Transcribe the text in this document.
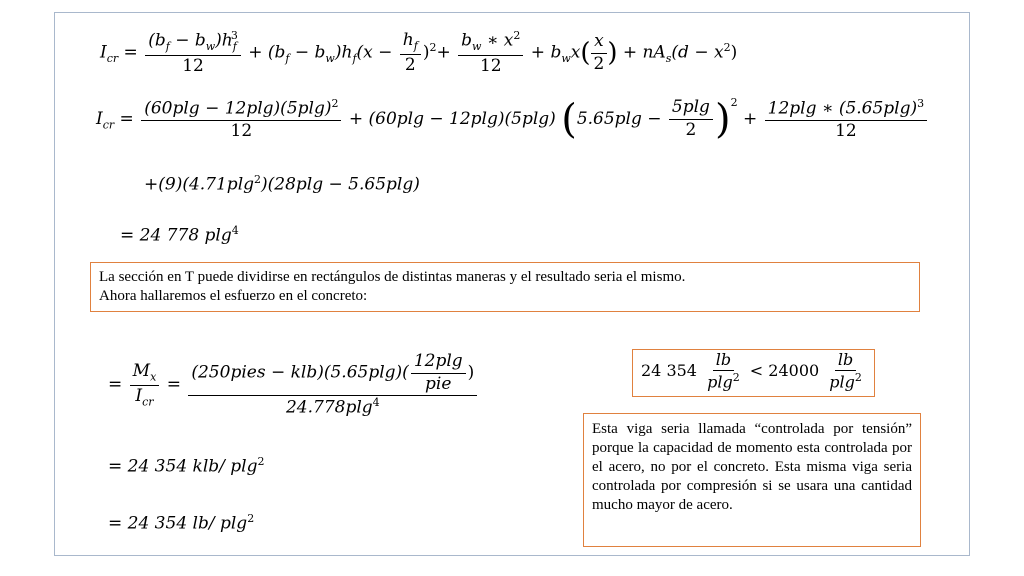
$I_{cr} = \frac{(b_f - b_w)h_f^3}{12} + (b_f - b_w)h_f(x - \frac{h_f}{2} )^2+ \frac{b_w ∗ x^2}{12} + b_wx( \frac{x}{2}$ ) + $nA_s(d - x^2)$
$I_{cr} = \frac{(60plg - 12plg)(5plg)^2}{12} + (60plg - 12plg)(5plg) (5.65plg - \frac{5plg}{2} )^2 + \frac{12plg ∗ (5.65plg)^3}{12}$
+(9)(4.71plg$^2$)(28plg − 5.65plg)
= 24 778 plg$^4$
La sección en T puede dividirse en rectángulos de distintas maneras y el resultado seria el mismo.
Ahora hallaremos el esfuerzo en el concreto:
= $\frac{M_x}{I_{cr}}$ =
(250pies − $klb)(5.65plg)( \frac{12plg}{\text{pie}}$ )
24.778plg$^4$
= 24 354 klb/ plg$^2$
= 24 354 lb/ plg$^2$
24 $354 \frac{lb}{plg^2} < 24000 \frac{lb}{plg^2}$
Esta viga seria llamada “controlada por tensión” porque la capacidad de momento esta controlada por el acero, no por el concreto. Esta misma viga seria controlada por compresión si se usara una cantidad mucho mayor de acero.
